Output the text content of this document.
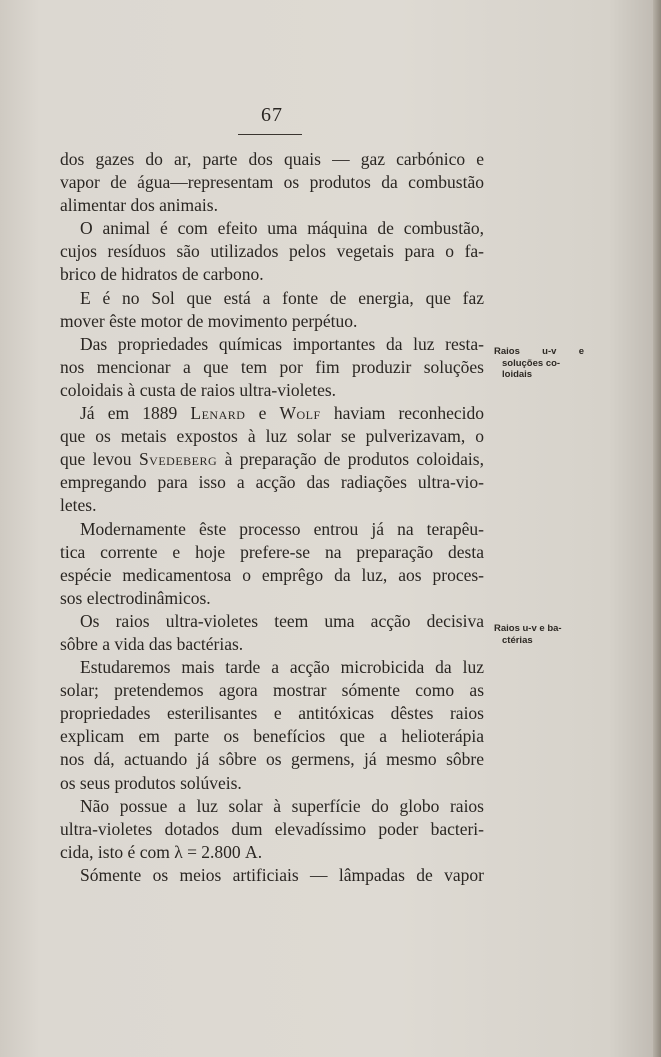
67
dos gazes do ar, parte dos quais — gaz carbónico e
vapor de água—representam os produtos da combustão
alimentar dos animais.
O animal é com efeito uma máquina de combustão,
cujos resíduos são utilizados pelos vegetais para o fa-
brico de hidratos de carbono.
E é no Sol que está a fonte de energia, que faz
mover êste motor de movimento perpétuo.
Das propriedades químicas importantes da luz resta-
nos mencionar a que tem por fim produzir soluções
coloidais à custa de raios ultra-violetes.
Já em 1889 Lenard e Wolf haviam reconhecido
que os metais expostos à luz solar se pulverizavam, o
que levou Svedeberg à preparação de produtos coloidais,
empregando para isso a acção das radiações ultra-vio-
letes.
Modernamente êste processo entrou já na terapêu-
tica corrente e hoje prefere-se na preparação desta
espécie medicamentosa o emprêgo da luz, aos proces-
sos electrodinâmicos.
Os raios ultra-violetes teem uma acção decisiva
sôbre a vida das bactérias.
Estudaremos mais tarde a acção microbicida da luz
solar; pretendemos agora mostrar sómente como as
propriedades esterilisantes e antitóxicas dêstes raios
explicam em parte os benefícios que a helioterápia
nos dá, actuando já sôbre os germens, já mesmo sôbre
os seus produtos solúveis.
Não possue a luz solar à superfície do globo raios
ultra-violetes dotados dum elevadíssimo poder bacteri-
cida, isto é com λ = 2.800 A.
Sómente os meios artificiais — lâmpadas de vapor
Raios u-v e
soluções co-
loidais
Raios u-v e ba-
ctérias
